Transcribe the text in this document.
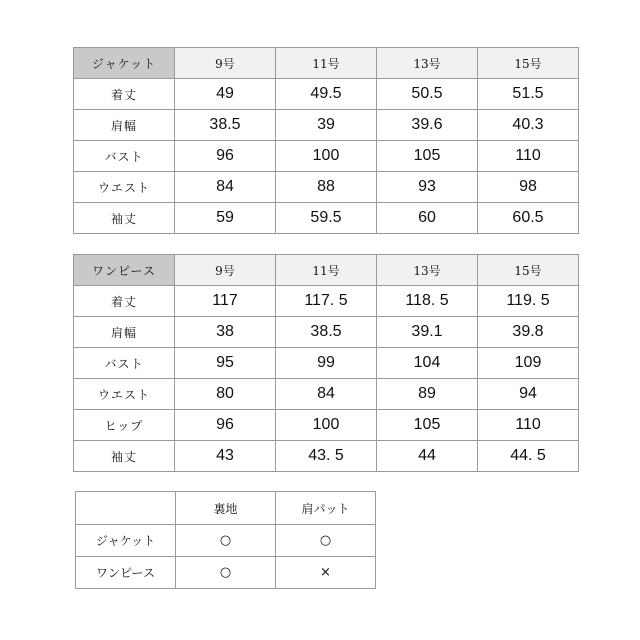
ジャケット	9号	11号	13号	15号
着丈	49	49.5	50.5	51.5
肩幅	38.5	39	39.6	40.3
バスト	96	100	105	110
ウエスト	84	88	93	98
袖丈	59	59.5	60	60.5
ワンピース	9号	11号	13号	15号
着丈	117	117. 5	118. 5	119. 5
肩幅	38	38.5	39.1	39.8
バスト	95	99	104	109
ウエスト	80	84	89	94
ヒップ	96	100	105	110
袖丈	43	43. 5	44	44. 5
	裏地	肩パット
ジャケット	○	○
ワンピース	○	×
